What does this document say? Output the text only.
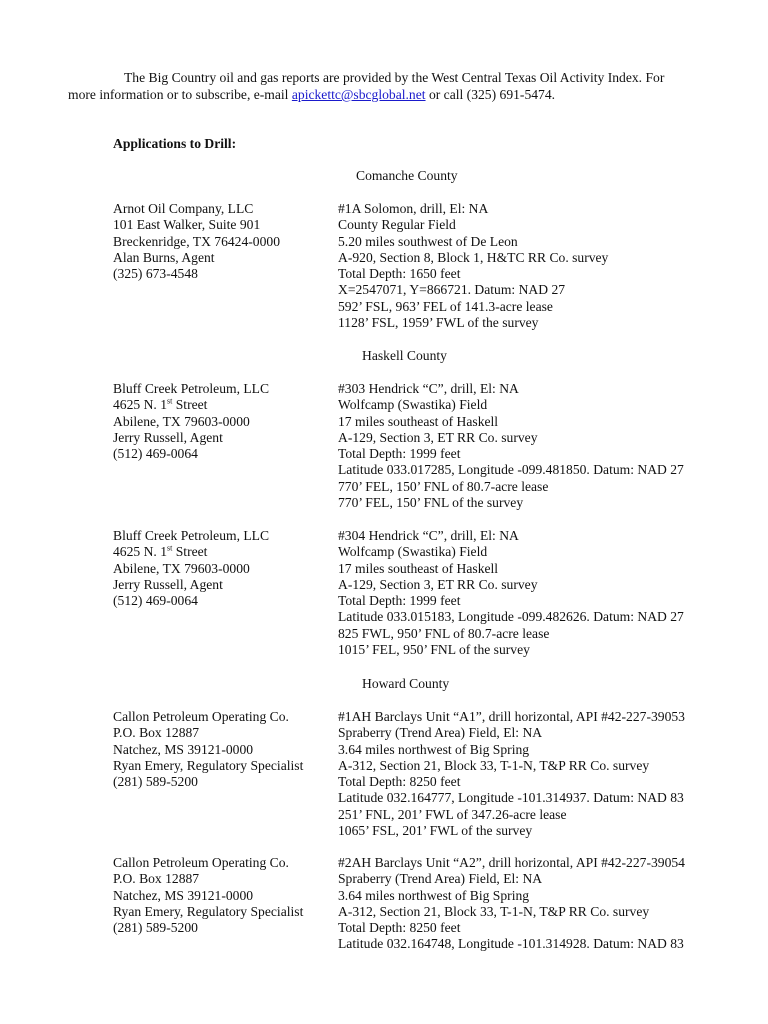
The Big Country oil and gas reports are provided by the West Central Texas Oil Activity Index. For
more information or to subscribe, e-mail apickettc@sbcglobal.net or call (325) 691-5474.
Applications to Drill:
Comanche County
Arnot Oil Company, LLC
101 East Walker, Suite 901
Breckenridge, TX 76424-0000
Alan Burns, Agent
(325) 673-4548
#1A Solomon, drill, El: NA
County Regular Field
5.20 miles southwest of De Leon
A-920, Section 8, Block 1, H&TC RR Co. survey
Total Depth: 1650 feet
X=2547071, Y=866721. Datum: NAD 27
592’ FSL, 963’ FEL of 141.3-acre lease
1128’ FSL, 1959’ FWL of the survey
Haskell County
Bluff Creek Petroleum, LLC
4625 N. 1st Street
Abilene, TX 79603-0000
Jerry Russell, Agent
(512) 469-0064
#303 Hendrick “C”, drill, El: NA
Wolfcamp (Swastika) Field
17 miles southeast of Haskell
A-129, Section 3, ET RR Co. survey
Total Depth: 1999 feet
Latitude 033.017285, Longitude -099.481850. Datum: NAD 27
770’ FEL, 150’ FNL of 80.7-acre lease
770’ FEL, 150’ FNL of the survey
Bluff Creek Petroleum, LLC
4625 N. 1st Street
Abilene, TX 79603-0000
Jerry Russell, Agent
(512) 469-0064
#304 Hendrick “C”, drill, El: NA
Wolfcamp (Swastika) Field
17 miles southeast of Haskell
A-129, Section 3, ET RR Co. survey
Total Depth: 1999 feet
Latitude 033.015183, Longitude -099.482626. Datum: NAD 27
825 FWL, 950’ FNL of 80.7-acre lease
1015’ FEL, 950’ FNL of the survey
Howard County
Callon Petroleum Operating Co.
P.O. Box 12887
Natchez, MS 39121-0000
Ryan Emery, Regulatory Specialist
(281) 589-5200
#1AH Barclays Unit “A1”, drill horizontal, API #42-227-39053
Spraberry (Trend Area) Field, El: NA
3.64 miles northwest of Big Spring
A-312, Section 21, Block 33, T-1-N, T&P RR Co. survey
Total Depth: 8250 feet
Latitude 032.164777, Longitude -101.314937. Datum: NAD 83
251’ FNL, 201’ FWL of 347.26-acre lease
1065’ FSL, 201’ FWL of the survey
Callon Petroleum Operating Co.
P.O. Box 12887
Natchez, MS 39121-0000
Ryan Emery, Regulatory Specialist
(281) 589-5200
#2AH Barclays Unit “A2”, drill horizontal, API #42-227-39054
Spraberry (Trend Area) Field, El: NA
3.64 miles northwest of Big Spring
A-312, Section 21, Block 33, T-1-N, T&P RR Co. survey
Total Depth: 8250 feet
Latitude 032.164748, Longitude -101.314928. Datum: NAD 83
